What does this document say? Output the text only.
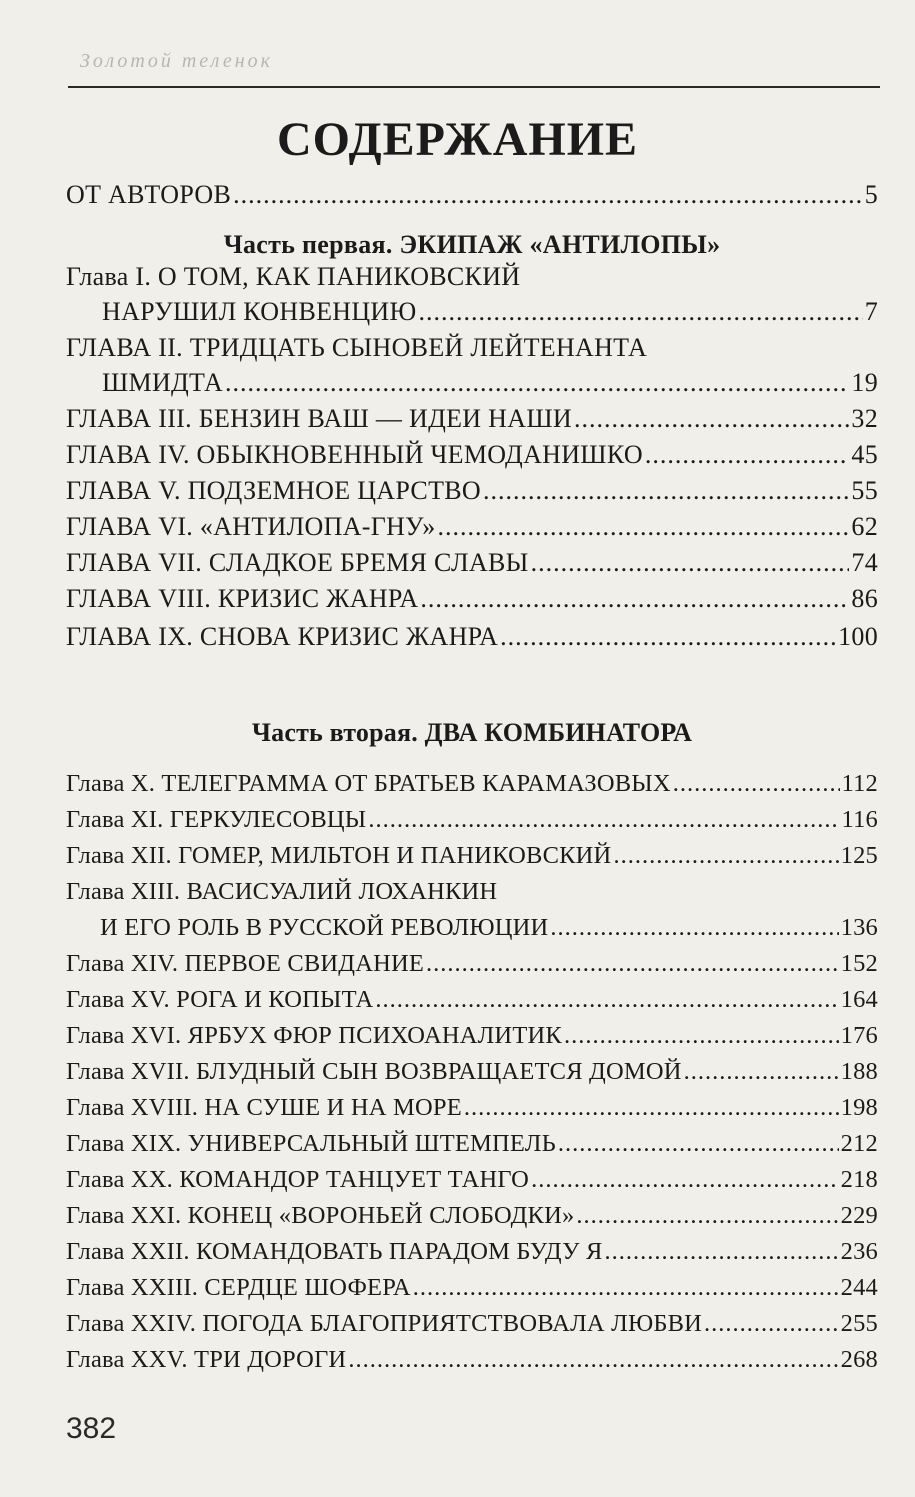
Золотой теленок
СОДЕРЖАНИЕ
ОТ АВТОРОВ .....	5
Часть первая. ЭКИПАЖ «АНТИЛОПЫ»
Глава I. О ТОМ, КАК ПАНИКОВСКИЙ
НАРУШИЛ КОНВЕНЦИЮ .....	7
ГЛАВА II. ТРИДЦАТЬ СЫНОВЕЙ ЛЕЙТЕНАНТА
ШМИДТА .....	19
ГЛАВА III. БЕНЗИН ВАШ — ИДЕИ НАШИ .....	32
ГЛАВА IV. ОБЫКНОВЕННЫЙ ЧЕМОДАНИШКО .....	45
ГЛАВА V. ПОДЗЕМНОЕ ЦАРСТВО .....	55
ГЛАВА VI. «АНТИЛОПА-ГНУ» .....	62
ГЛАВА VII. СЛАДКОЕ БРЕМЯ СЛАВЫ .....	74
ГЛАВА VIII. КРИЗИС ЖАНРА .....	86
ГЛАВА IX. СНОВА КРИЗИС ЖАНРА .....	100
Часть вторая. ДВА КОМБИНАТОРА
Глава X. ТЕЛЕГРАММА ОТ БРАТЬЕВ КАРАМАЗОВЫХ .....	112
Глава XI. ГЕРКУЛЕСОВЦЫ .....	116
Глава XII. ГОМЕР, МИЛЬТОН И ПАНИКОВСКИЙ .....	125
Глава XIII. ВАСИСУАЛИЙ ЛОХАНКИН
И ЕГО РОЛЬ В РУССКОЙ РЕВОЛЮЦИИ .....	136
Глава XIV. ПЕРВОЕ СВИДАНИЕ .....	152
Глава XV. РОГА И КОПЫТА .....	164
Глава XVI. ЯРБУХ ФЮР ПСИХОАНАЛИТИК .....	176
Глава XVII. БЛУДНЫЙ СЫН ВОЗВРАЩАЕТСЯ ДОМОЙ .....	188
Глава XVIII. НА СУШЕ И НА МОРЕ .....	198
Глава XIX. УНИВЕРСАЛЬНЫЙ ШТЕМПЕЛЬ .....	212
Глава XX. КОМАНДОР ТАНЦУЕТ ТАНГО .....	218
Глава XXI. КОНЕЦ «ВОРОНЬЕЙ СЛОБОДКИ» .....	229
Глава XXII. КОМАНДОВАТЬ ПАРАДОМ БУДУ Я .....	236
Глава XXIII. СЕРДЦЕ ШОФЕРА .....	244
Глава XXIV. ПОГОДА БЛАГОПРИЯТСТВОВАЛА ЛЮБВИ .....	255
Глава XXV. ТРИ ДОРОГИ .....	268
382
